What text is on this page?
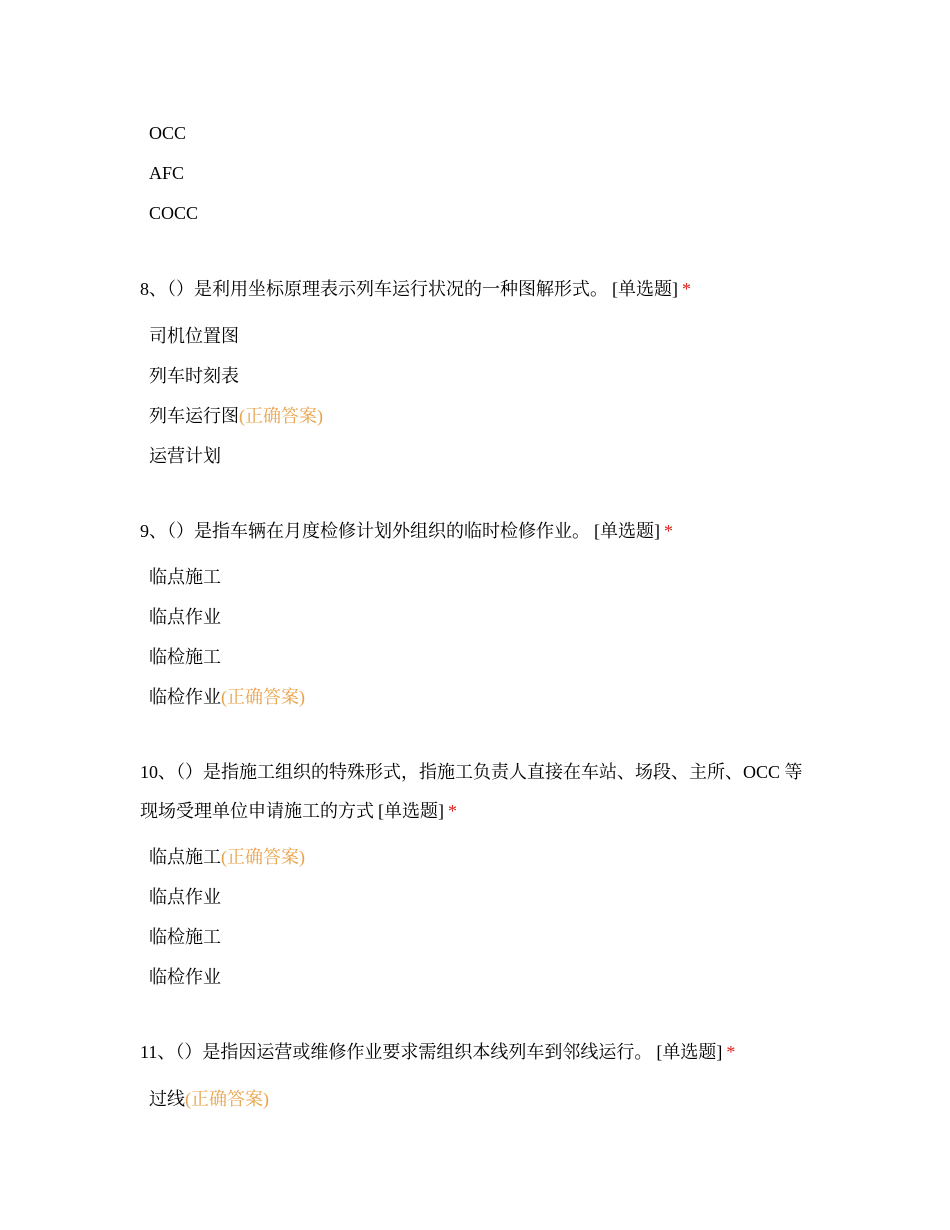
OCC
AFC
COCC
8、（）是利用坐标原理表示列车运行状况的一种图解形式。 [单选题] *
司机位置图
列车时刻表
列车运行图(正确答案)
运营计划
9、（）是指车辆在月度检修计划外组织的临时检修作业。 [单选题] *
临点施工
临点作业
临检施工
临检作业(正确答案)
10、（）是指施工组织的特殊形式，指施工负责人直接在车站、场段、主所、OCC 等现场受理单位申请施工的方式 [单选题] *
临点施工(正确答案)
临点作业
临检施工
临检作业
11、（）是指因运营或维修作业要求需组织本线列车到邻线运行。 [单选题] *
过线(正确答案)
